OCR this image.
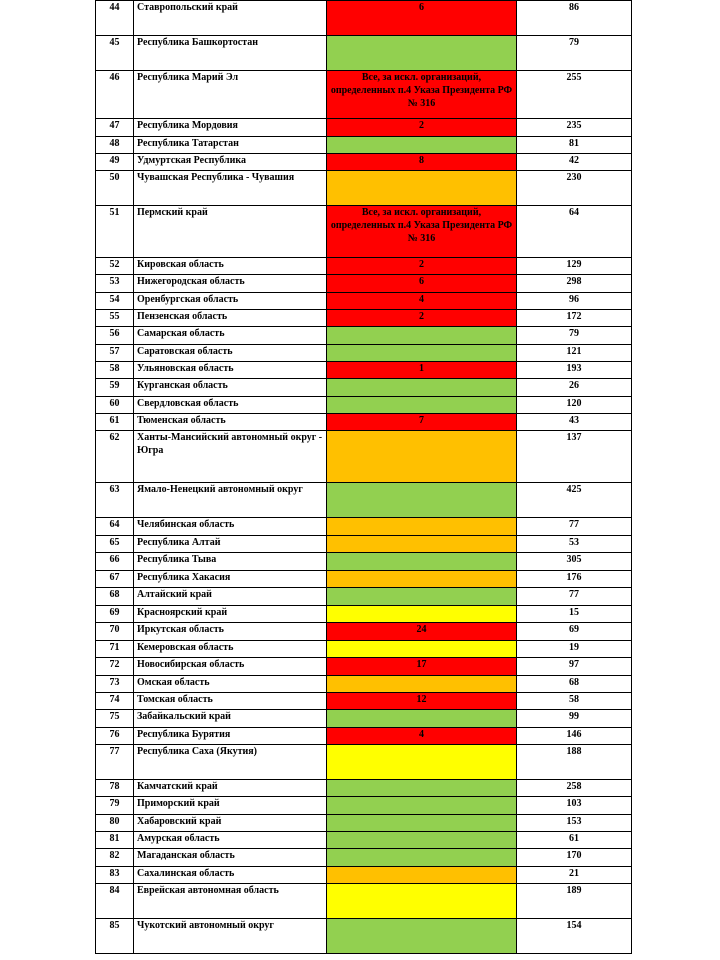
44	Ставропольский край	6	86
45	Республика Башкортостан		79
46	Республика Марий Эл	Все, за искл. организаций, определенных п.4 Указа Президента РФ № 316	255
47	Республика Мордовия	2	235
48	Республика Татарстан		81
49	Удмуртская Республика	8	42
50	Чувашская Республика - Чувашия		230
51	Пермский край	Все, за искл. организаций, определенных п.4 Указа Президента РФ № 316	64
52	Кировская область	2	129
53	Нижегородская область	6	298
54	Оренбургская область	4	96
55	Пензенская область	2	172
56	Самарская область		79
57	Саратовская область		121
58	Ульяновская область	1	193
59	Курганская область		26
60	Свердловская область		120
61	Тюменская область	7	43
62	Ханты-Мансийский автономный округ - Югра		137
63	Ямало-Ненецкий автономный округ		425
64	Челябинская область		77
65	Республика Алтай		53
66	Республика Тыва		305
67	Республика Хакасия		176
68	Алтайский край		77
69	Красноярский край		15
70	Иркутская область	24	69
71	Кемеровская область		19
72	Новосибирская область	17	97
73	Омская область		68
74	Томская область	12	58
75	Забайкальский край		99
76	Республика Бурятия	4	146
77	Республика Саха (Якутия)		188
78	Камчатский край		258
79	Приморский край		103
80	Хабаровский край		153
81	Амурская область		61
82	Магаданская область		170
83	Сахалинская область		21
84	Еврейская автономная область		189
85	Чукотский автономный округ		154
